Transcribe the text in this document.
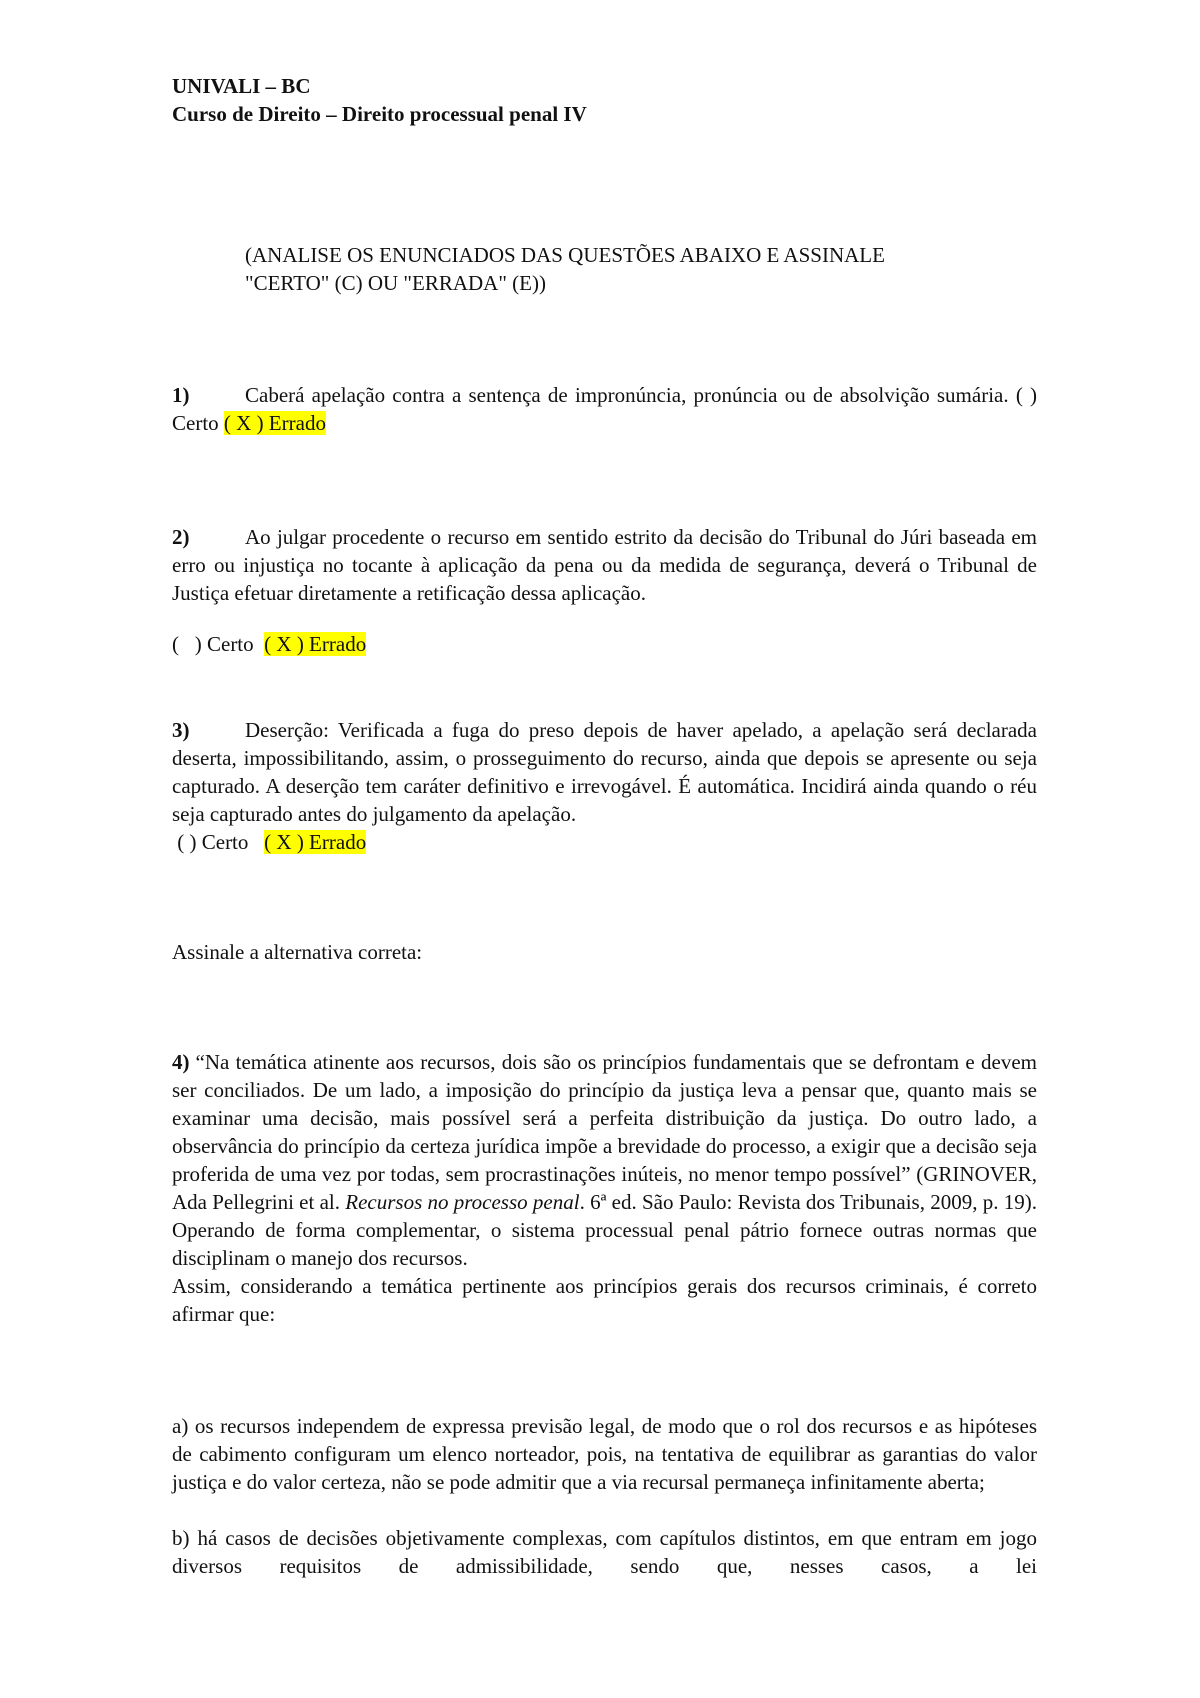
UNIVALI – BC

Curso de Direito – Direito processual penal IV

(ANALISE OS ENUNCIADOS DAS QUESTÕES ABAIXO E ASSINALE
"CERTO" (C) OU "ERRADA" (E))

1)	Caberá apelação contra a sentença de impronúncia, pronúncia ou de absolvição sumária. ( ) Certo ( X ) Errado

2)	Ao julgar procedente o recurso em sentido estrito da decisão do Tribunal do Júri baseada em erro ou injustiça no tocante à aplicação da pena ou da medida de segurança, deverá o Tribunal de Justiça efetuar diretamente a retificação dessa aplicação.

(   ) Certo  ( X ) Errado

3)	Deserção: Verificada a fuga do preso depois de haver apelado, a apelação será declarada deserta, impossibilitando, assim, o prosseguimento do recurso, ainda que depois se apresente ou seja capturado. A deserção tem caráter definitivo e irrevogável. É automática. Incidirá ainda quando o réu seja capturado antes do julgamento da apelação.

( ) Certo   ( X ) Errado

Assinale a alternativa correta:

4) “Na temática atinente aos recursos, dois são os princípios fundamentais que se defrontam e devem ser conciliados. De um lado, a imposição do princípio da justiça leva a pensar que, quanto mais se examinar uma decisão, mais possível será a perfeita distribuição da justiça. Do outro lado, a observância do princípio da certeza jurídica impõe a brevidade do processo, a exigir que a decisão seja proferida de uma vez por todas, sem procrastinações inúteis, no menor tempo possível” (GRINOVER, Ada Pellegrini et al. Recursos no processo penal. 6ª ed. São Paulo: Revista dos Tribunais, 2009, p. 19). Operando de forma complementar, o sistema processual penal pátrio fornece outras normas que disciplinam o manejo dos recursos.

Assim, considerando a temática pertinente aos princípios gerais dos recursos criminais, é correto afirmar que:

a) os recursos independem de expressa previsão legal, de modo que o rol dos recursos e as hipóteses de cabimento configuram um elenco norteador, pois, na tentativa de equilibrar as garantias do valor justiça e do valor certeza, não se pode admitir que a via recursal permaneça infinitamente aberta;

b) há casos de decisões objetivamente complexas, com capítulos distintos, em que entram em jogo diversos requisitos de admissibilidade, sendo que, nesses casos, a lei
